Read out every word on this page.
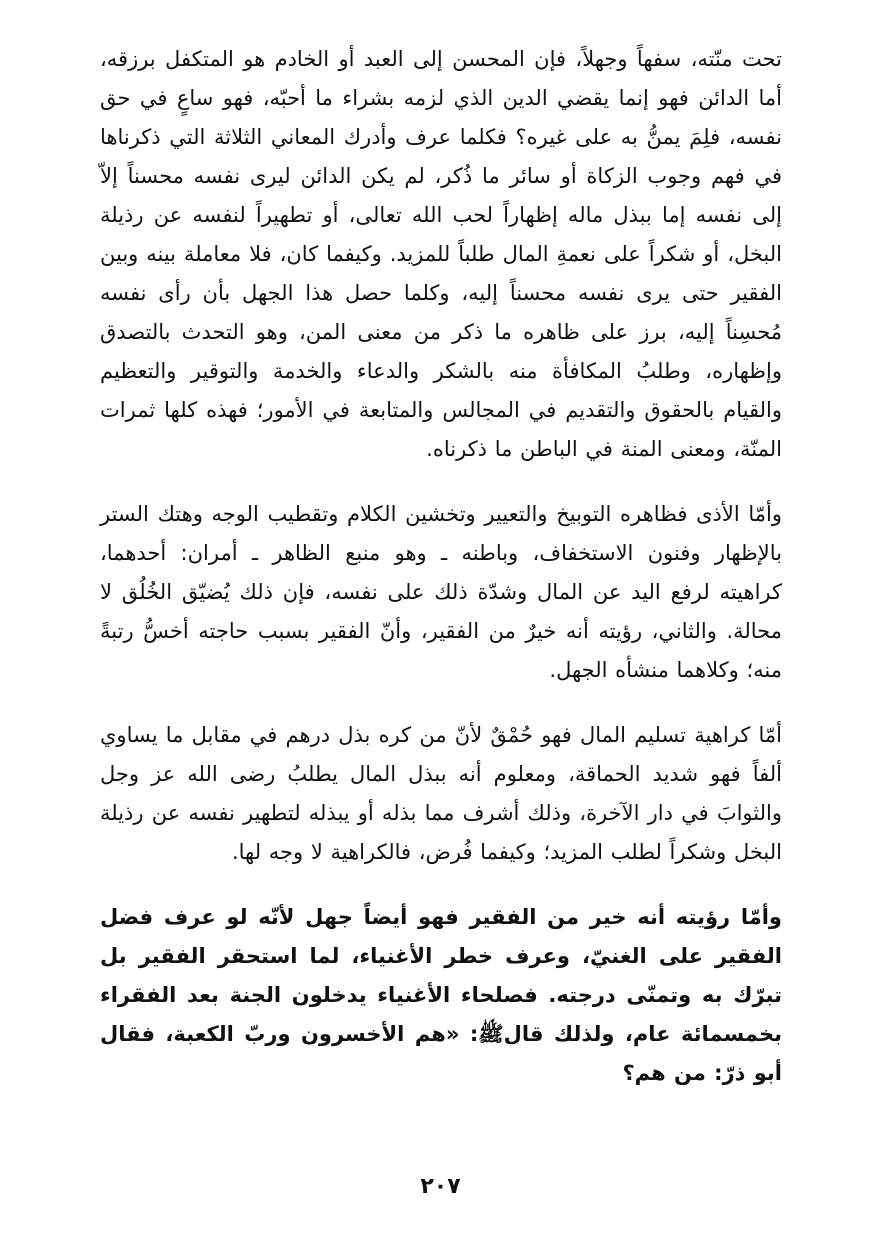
تحت منّته، سفهاً وجهلاً، فإن المحسن إلى العبد أو الخادم هو المتكفل برزقه، أما الدائن فهو إنما يقضي الدين الذي لزمه بشراء ما أحبّه، فهو ساعٍ في حق نفسه، فلِمَ يمنُّ به على غيره؟ فكلما عرف وأدرك المعاني الثلاثة التي ذكرناها في فهم وجوب الزكاة أو سائر ما ذُكر، لم يكن الدائن ليرى نفسه محسناً إلاّ إلى نفسه إما ببذل ماله إظهاراً لحب الله تعالى، أو تطهيراً لنفسه عن رذيلة البخل، أو شكراً على نعمةِ المال طلباً للمزيد. وكيفما كان، فلا معاملة بينه وبين الفقير حتى يرى نفسه محسناً إليه، وكلما حصل هذا الجهل بأن رأى نفسه مُحسِناً إليه، برز على ظاهره ما ذكر من معنى المن، وهو التحدث بالتصدق وإظهاره، وطلبُ المكافأة منه بالشكر والدعاء والخدمة والتوقير والتعظيم والقيام بالحقوق والتقديم في المجالس والمتابعة في الأمور؛ فهذه كلها ثمرات المنّة، ومعنى المنة في الباطن ما ذكرناه.

وأمّا الأذى فظاهره التوبيخ والتعيير وتخشين الكلام وتقطيب الوجه وهتك الستر بالإظهار وفنون الاستخفاف، وباطنه ـ وهو منبع الظاهر ـ أمران: أحدهما، كراهيته لرفع اليد عن المال وشدّة ذلك على نفسه، فإن ذلك يُضيّق الخُلُق لا محالة. والثاني، رؤيته أنه خيرٌ من الفقير، وأنّ الفقير بسبب حاجته أخسُّ رتبةً منه؛ وكلاهما منشأه الجهل.

أمّا كراهية تسليم المال فهو حُمْقٌ لأنّ من كره بذل درهم في مقابل ما يساوي ألفاً فهو شديد الحماقة، ومعلوم أنه ببذل المال يطلبُ رضى الله عز وجل والثوابَ في دار الآخرة، وذلك أشرف مما بذله أو يبذله لتطهير نفسه عن رذيلة البخل وشكراً لطلب المزيد؛ وكيفما فُرض، فالكراهية لا وجه لها.

وأمّا رؤيته أنه خير من الفقير فهو أيضاً جهل لأنّه لو عرف فضل الفقير على الغنيّ، وعرف خطر الأغنياء، لما استحقر الفقير بل تبرّك به وتمنّى درجته. فصلحاء الأغنياء يدخلون الجنة بعد الفقراء بخمسمائة عام، ولذلك قالﷺ: «هم الأخسرون وربّ الكعبة، فقال أبو ذرّ: من هم؟

٢٠٧
